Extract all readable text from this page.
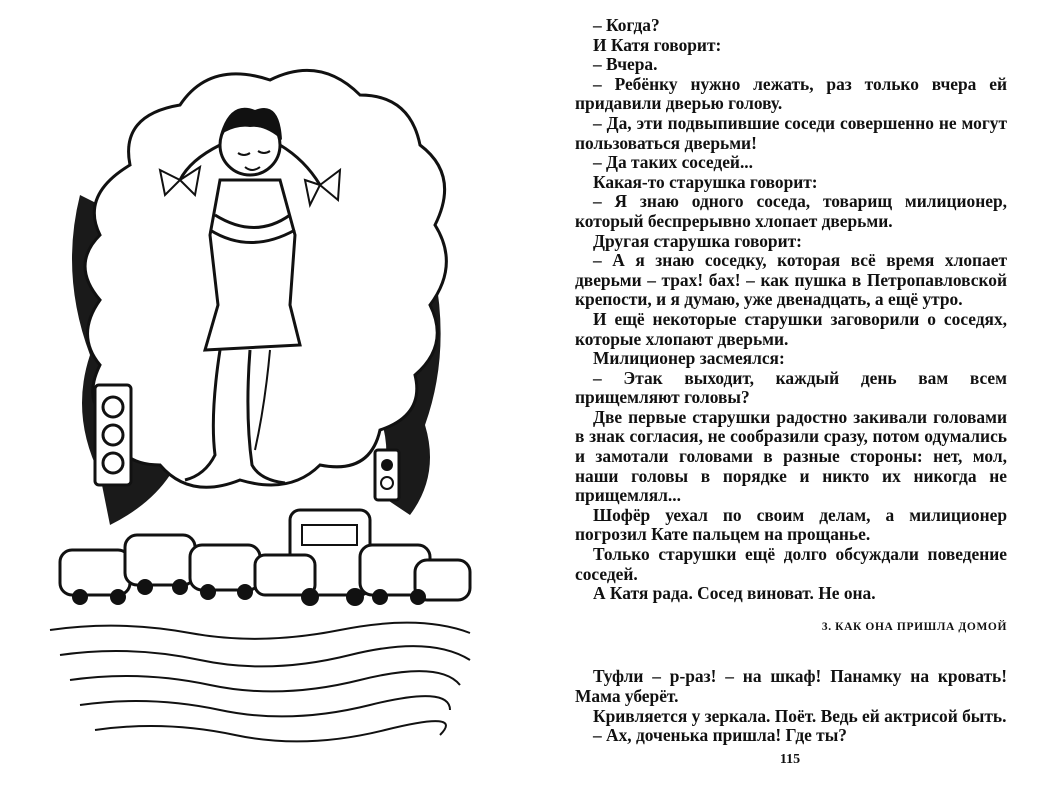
– Когда?
И Катя говорит:
– Вчера.
– Ребёнку нужно лежать, раз только вчера ей придавили дверью голову.
– Да, эти подвыпившие соседи совершенно не могут пользоваться дверьми!
– Да таких соседей...
Какая-то старушка говорит:
– Я знаю одного соседа, товарищ милиционер, который беспрерывно хлопает дверьми.
Другая старушка говорит:
– А я знаю соседку, которая всё время хлопает дверьми – трах! бах! – как пушка в Петропавловской крепости, и я думаю, уже двенадцать, а ещё утро.
И ещё некоторые старушки заговорили о соседях, которые хлопают дверьми.
Милиционер засмеялся:
– Этак выходит, каждый день вам всем прищемляют головы?
Две первые старушки радостно закивали головами в знак согласия, не сообразили сразу, потом одумались и замотали головами в разные стороны: нет, мол, наши головы в порядке и никто их никогда не прищемлял...
Шофёр уехал по своим делам, а милиционер погрозил Кате пальцем на прощанье.
Только старушки ещё долго обсуждали поведение соседей.
А Катя рада. Сосед виноват. Не она.
3. КАК ОНА ПРИШЛА ДОМОЙ
Туфли – р-раз! – на шкаф! Панамку на кровать! Мама уберёт.
Кривляется у зеркала. Поёт. Ведь ей актрисой быть.
– Ах, доченька пришла! Где ты?
115
